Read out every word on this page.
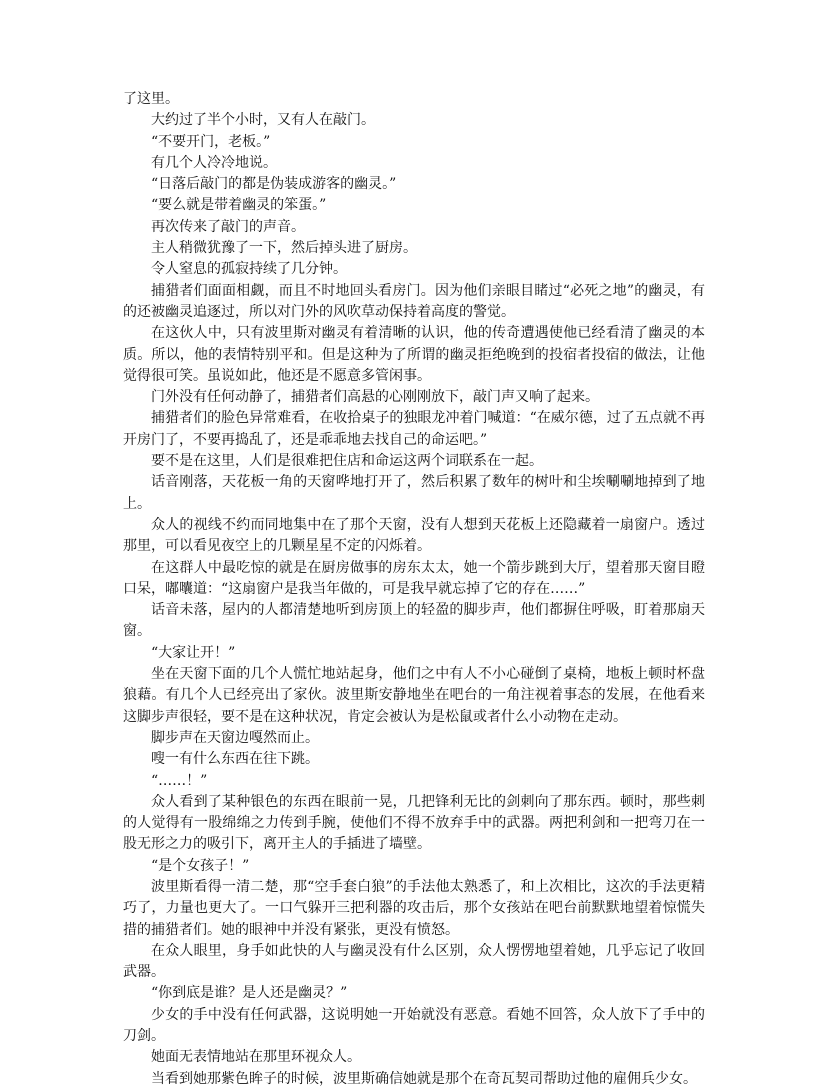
了这里。

大约过了半个小时，又有人在敲门。

“不要开门，老板。”

有几个人冷冷地说。

“日落后敲门的都是伪装成游客的幽灵。”

“要么就是带着幽灵的笨蛋。”

再次传来了敲门的声音。

主人稍微犹豫了一下，然后掉头进了厨房。

令人窒息的孤寂持续了几分钟。

捕猎者们面面相觑，而且不时地回头看房门。因为他们亲眼目睹过“必死之地”的幽灵，有的还被幽灵追逐过，所以对门外的风吹草动保持着高度的警觉。

在这伙人中，只有波里斯对幽灵有着清晰的认识，他的传奇遭遇使他已经看清了幽灵的本质。所以，他的表情特别平和。但是这种为了所谓的幽灵拒绝晚到的投宿者投宿的做法，让他觉得很可笑。虽说如此，他还是不愿意多管闲事。

门外没有任何动静了，捕猎者们高悬的心刚刚放下，敲门声又响了起来。

捕猎者们的脸色异常难看，在收拾桌子的独眼龙冲着门喊道：“在威尔德，过了五点就不再开房门了，不要再捣乱了，还是乖乖地去找自己的命运吧。”

要不是在这里，人们是很难把住店和命运这两个词联系在一起。

话音刚落，天花板一角的天窗哗地打开了，然后积累了数年的树叶和尘埃唰唰地掉到了地上。

众人的视线不约而同地集中在了那个天窗，没有人想到天花板上还隐藏着一扇窗户。透过那里，可以看见夜空上的几颗星星不定的闪烁着。

在这群人中最吃惊的就是在厨房做事的房东太太，她一个箭步跳到大厅，望着那天窗目瞪口呆，嘟囔道：“这扇窗户是我当年做的，可是我早就忘掉了它的存在……”

话音未落，屋内的人都清楚地听到房顶上的轻盈的脚步声，他们都摒住呼吸，盯着那扇天窗。

“大家让开！”

坐在天窗下面的几个人慌忙地站起身，他们之中有人不小心碰倒了桌椅，地板上顿时杯盘狼藉。有几个人已经亮出了家伙。波里斯安静地坐在吧台的一角注视着事态的发展，在他看来这脚步声很轻，要不是在这种状况，肯定会被认为是松鼠或者什么小动物在走动。

脚步声在天窗边嘎然而止。

嗖一有什么东西在往下跳。

“……！”

众人看到了某种银色的东西在眼前一晃，几把锋利无比的剑刺向了那东西。顿时，那些刺的人觉得有一股绵绵之力传到手腕，使他们不得不放弃手中的武器。两把利剑和一把弯刀在一股无形之力的吸引下，离开主人的手插进了墙壁。

“是个女孩子！”

波里斯看得一清二楚，那“空手套白狼”的手法他太熟悉了，和上次相比，这次的手法更精巧了，力量也更大了。一口气躲开三把利器的攻击后，那个女孩站在吧台前默默地望着惊慌失措的捕猎者们。她的眼神中并没有紧张，更没有愤怒。

在众人眼里，身手如此快的人与幽灵没有什么区别，众人愣愣地望着她，几乎忘记了收回武器。

“你到底是谁？是人还是幽灵？”

少女的手中没有任何武器，这说明她一开始就没有恶意。看她不回答，众人放下了手中的刀剑。

她面无表情地站在那里环视众人。

当看到她那紫色眸子的时候，波里斯确信她就是那个在奇瓦契司帮助过他的雇佣兵少女。
